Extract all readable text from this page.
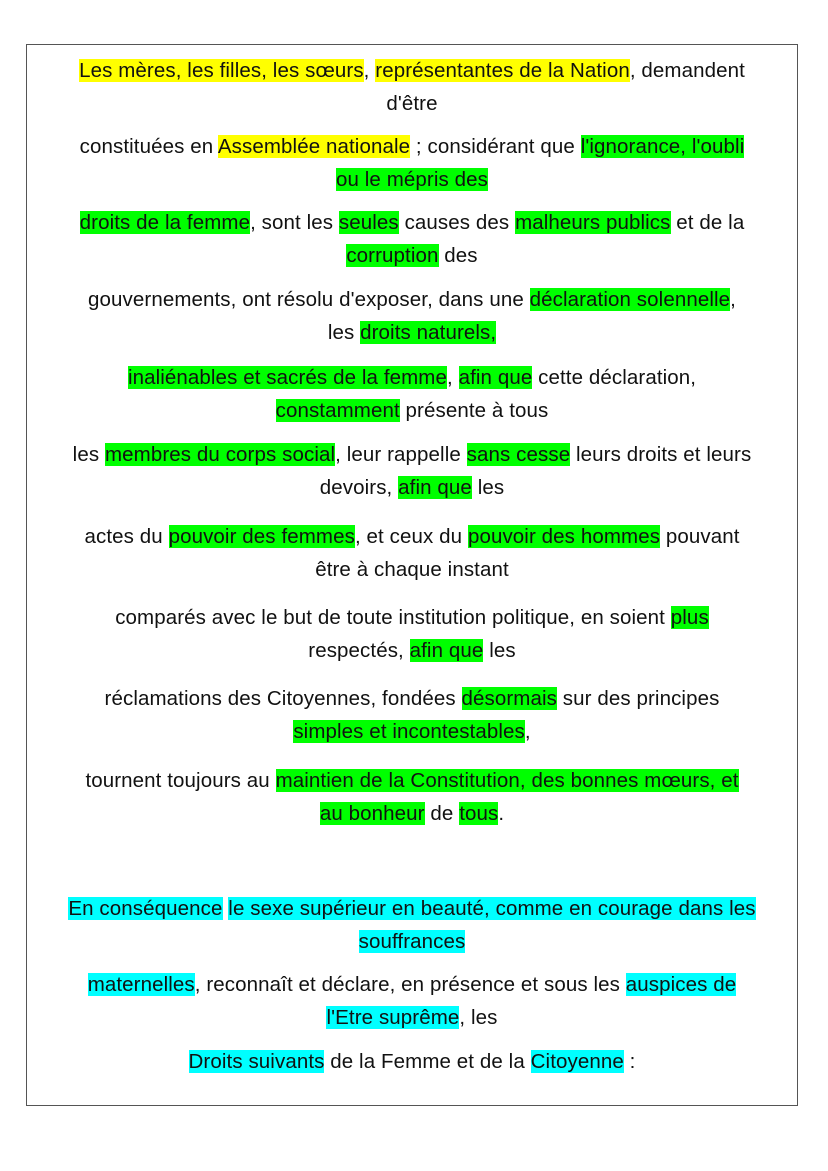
Les mères, les filles, les sœurs, représentantes de la Nation, demandent
d'être
constituées en Assemblée nationale ; considérant que l'ignorance, l'oubli
ou le mépris des
droits de la femme, sont les seules causes des malheurs publics et de la
corruption des
gouvernements, ont résolu d'exposer, dans une déclaration solennelle,
les droits naturels,
inaliénables et sacrés de la femme, afin que cette déclaration,
constamment présente à tous
les membres du corps social, leur rappelle sans cesse leurs droits et leurs
devoirs, afin que les
actes du pouvoir des femmes, et ceux du pouvoir des hommes pouvant
être à chaque instant
comparés avec le but de toute institution politique, en soient plus
respectés, afin que les
réclamations des Citoyennes, fondées désormais sur des principes
simples et incontestables,
tournent toujours au maintien de la Constitution, des bonnes mœurs, et
au bonheur de tous.
En conséquence le sexe supérieur en beauté, comme en courage dans les
souffrances
maternelles, reconnaît et déclare, en présence et sous les auspices de
l'Etre suprême, les
Droits suivants de la Femme et de la Citoyenne :
